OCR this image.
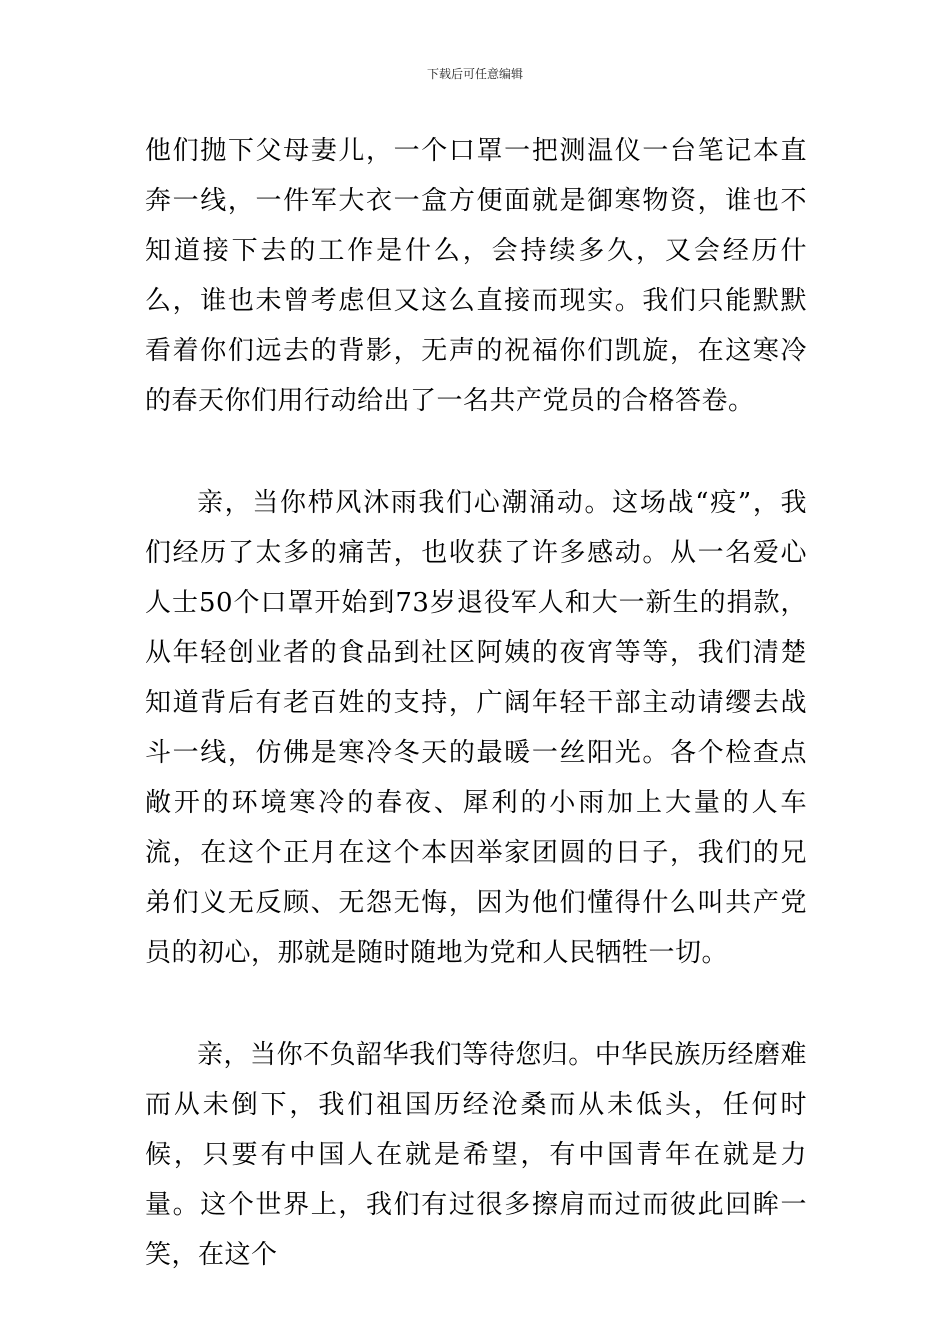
下载后可任意编辑

他们抛下父母妻儿，一个口罩一把测温仪一台笔记本直奔一线，一件军大衣一盒方便面就是御寒物资，谁也不知道接下去的工作是什么，会持续多久，又会经历什么，谁也未曾考虑但又这么直接而现实。我们只能默默看着你们远去的背影，无声的祝福你们凯旋，在这寒冷的春天你们用行动给出了一名共产党员的合格答卷。

亲，当你栉风沐雨我们心潮涌动。这场战“疫”，我们经历了太多的痛苦，也收获了许多感动。从一名爱心人士50个口罩开始到73岁退役军人和大一新生的捐款，从年轻创业者的食品到社区阿姨的夜宵等等，我们清楚知道背后有老百姓的支持，广阔年轻干部主动请缨去战斗一线，仿佛是寒冷冬天的最暖一丝阳光。各个检查点敞开的环境寒冷的春夜、犀利的小雨加上大量的人车流，在这个正月在这个本因举家团圆的日子，我们的兄弟们义无反顾、无怨无悔，因为他们懂得什么叫共产党员的初心，那就是随时随地为党和人民牺牲一切。

亲，当你不负韶华我们等待您归。中华民族历经磨难而从未倒下，我们祖国历经沧桑而从未低头，任何时候，只要有中国人在就是希望，有中国青年在就是力量。这个世界上，我们有过很多擦肩而过而彼此回眸一笑，在这个
